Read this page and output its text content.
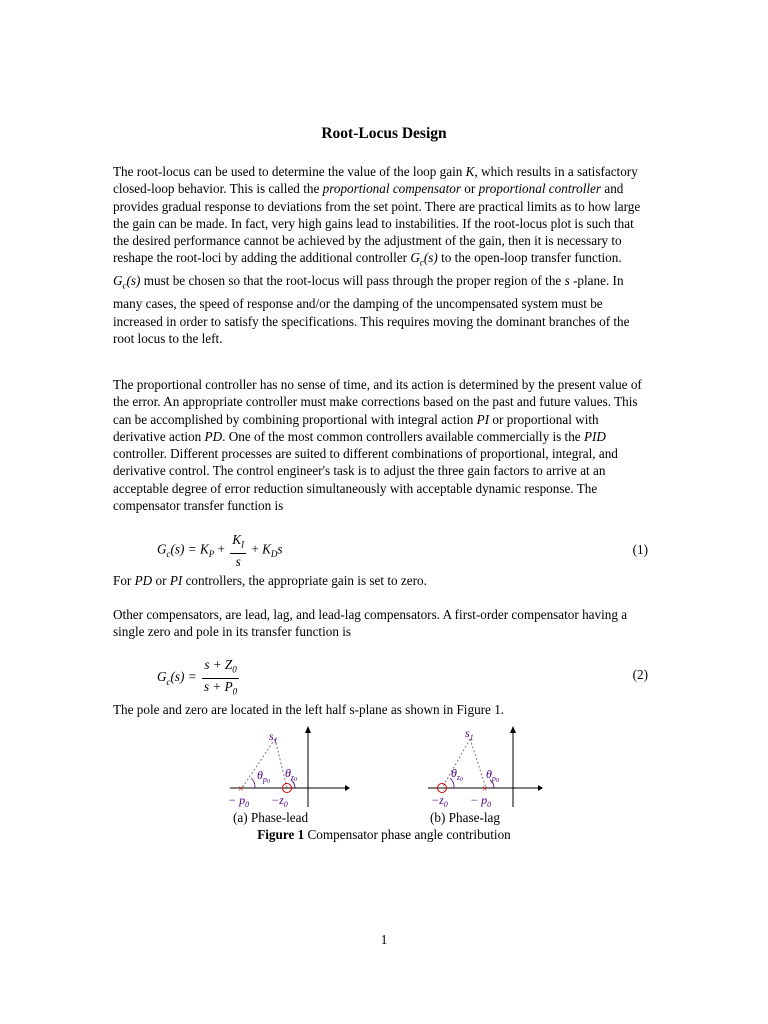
Root-Locus Design

The root-locus can be used to determine the value of the loop gain K, which results in a satisfactory closed-loop behavior. This is called the proportional compensator or proportional controller and provides gradual response to deviations from the set point. There are practical limits as to how large the gain can be made. In fact, very high gains lead to instabilities. If the root-locus plot is such that the desired performance cannot be achieved by the adjustment of the gain, then it is necessary to reshape the root-loci by adding the additional controller $G_c(s)$ to the open-loop transfer function. $G_c(s)$ must be chosen so that the root-locus will pass through the proper region of the s -plane. In many cases, the speed of response and/or the damping of the uncompensated system must be increased in order to satisfy the specifications. This requires moving the dominant branches of the root locus to the left.

The proportional controller has no sense of time, and its action is determined by the present value of the error. An appropriate controller must make corrections based on the past and future values. This can be accomplished by combining proportional with integral action PI or proportional with derivative action PD. One of the most common controllers available commercially is the PID controller. Different processes are suited to different combinations of proportional, integral, and derivative control. The control engineer's task is to adjust the three gain factors to arrive at an acceptable degree of error reduction simultaneously with acceptable dynamic response. The compensator transfer function is

$G_c(s) = K_P + \frac{K_I}{s} + K_Ds$	(1)

For PD or PI controllers, the appropriate gain is set to zero.

Other compensators, are lead, lag, and lead-lag compensators. A first-order compensator having a single zero and pole in its transfer function is

$G_c(s) = \frac{s + Z_0}{s + P_0}$	(2)

The pole and zero are located in the left half s-plane as shown in Figure 1.

×
$s_1$
$\theta_p0$
$\theta_z0$
− $p_0 -z_0$
(a) Phase-lead
×
$s_1$
$\theta_z0$ $\theta_p0$
$-z_0 - p_0$
(b) Phase-lag
Figure 1 Compensator phase angle contribution
1
